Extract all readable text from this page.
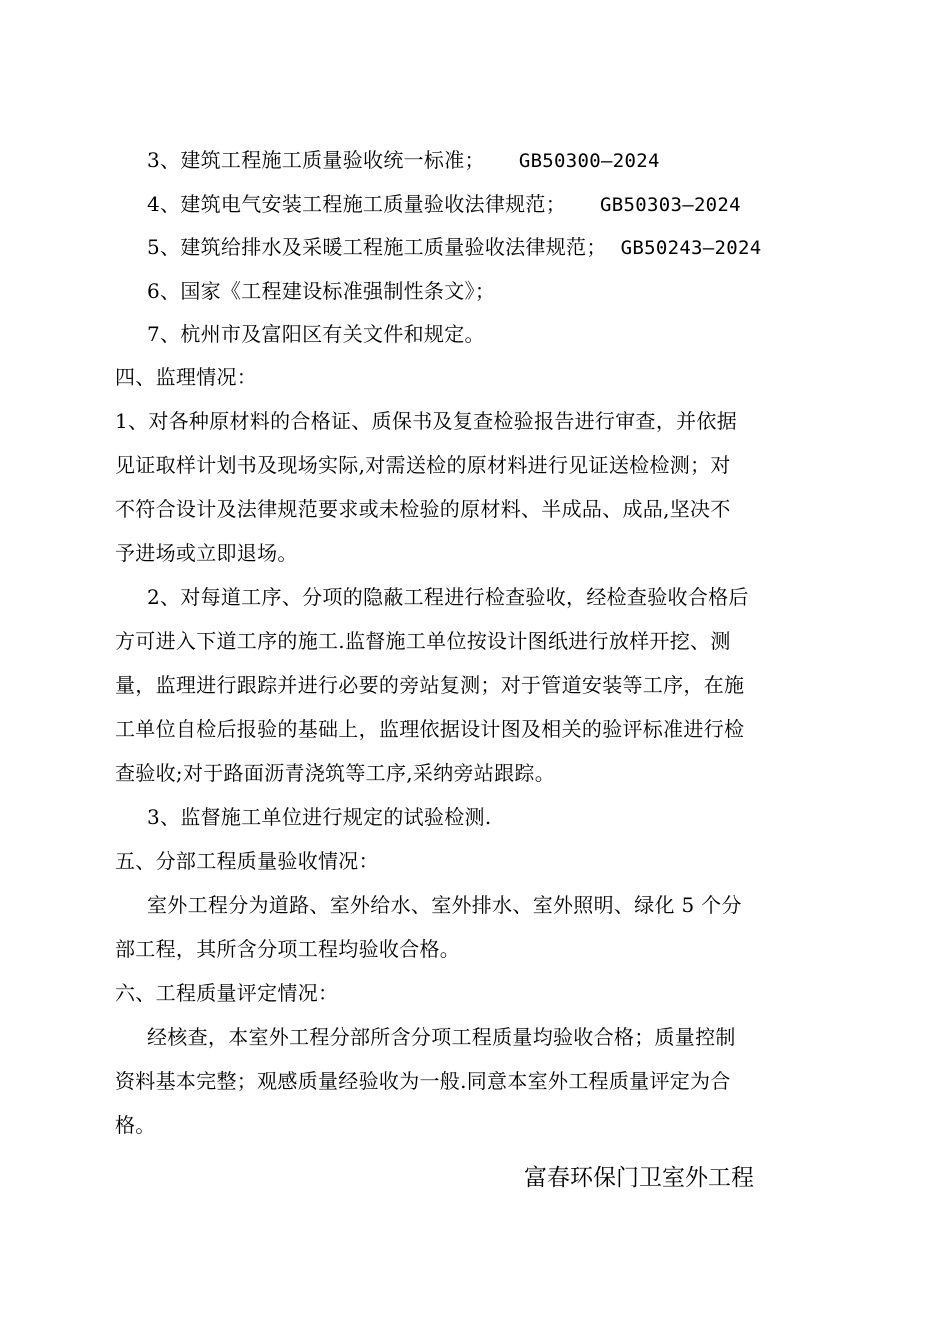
3、建筑工程施工质量验收统一标准； GB50300—2024
4、建筑电气安装工程施工质量验收法律规范； GB50303—2024
5、建筑给排水及采暖工程施工质量验收法律规范； GB50243—2024
6、国家《工程建设标准强制性条文》；
7、杭州市及富阳区有关文件和规定。
四、监理情况：
1、对各种原材料的合格证、质保书及复查检验报告进行审查，并依据
见证取样计划书及现场实际,对需送检的原材料进行见证送检检测；对
不符合设计及法律规范要求或未检验的原材料、半成品、成品,坚决不
予进场或立即退场。
2、对每道工序、分项的隐蔽工程进行检查验收，经检查验收合格后
方可进入下道工序的施工.监督施工单位按设计图纸进行放样开挖、测
量，监理进行跟踪并进行必要的旁站复测；对于管道安装等工序，在施
工单位自检后报验的基础上，监理依据设计图及相关的验评标准进行检
查验收;对于路面沥青浇筑等工序,采纳旁站跟踪。
3、监督施工单位进行规定的试验检测.
五、分部工程质量验收情况：
室外工程分为道路、室外给水、室外排水、室外照明、绿化 5 个分
部工程，其所含分项工程均验收合格。
六、工程质量评定情况：
经核查，本室外工程分部所含分项工程质量均验收合格；质量控制
资料基本完整；观感质量经验收为一般.同意本室外工程质量评定为合
格。
富春环保门卫室外工程
